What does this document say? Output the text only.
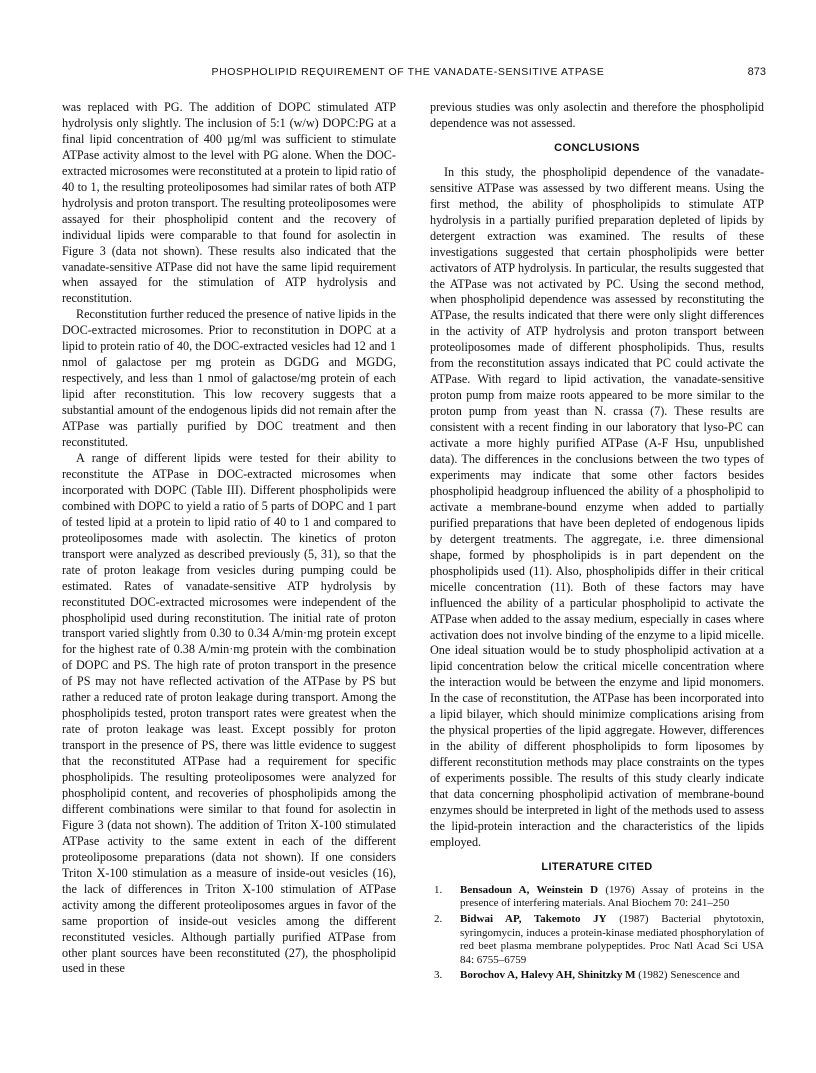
PHOSPHOLIPID REQUIREMENT OF THE VANADATE-SENSITIVE ATPASE	873

was replaced with PG. The addition of DOPC stimulated ATP hydrolysis only slightly. The inclusion of 5:1 (w/w) DOPC:PG at a final lipid concentration of 400 µg/ml was sufficient to stimulate ATPase activity almost to the level with PG alone. When the DOC-extracted microsomes were reconstituted at a protein to lipid ratio of 40 to 1, the resulting proteoliposomes had similar rates of both ATP hydrolysis and proton transport. The resulting proteoliposomes were assayed for their phospholipid content and the recovery of individual lipids were comparable to that found for asolectin in Figure 3 (data not shown). These results also indicated that the vanadate-sensitive ATPase did not have the same lipid requirement when assayed for the stimulation of ATP hydrolysis and reconstitution.

Reconstitution further reduced the presence of native lipids in the DOC-extracted microsomes. Prior to reconstitution in DOPC at a lipid to protein ratio of 40, the DOC-extracted vesicles had 12 and 1 nmol of galactose per mg protein as DGDG and MGDG, respectively, and less than 1 nmol of galactose/mg protein of each lipid after reconstitution. This low recovery suggests that a substantial amount of the endogenous lipids did not remain after the ATPase was partially purified by DOC treatment and then reconstituted.

A range of different lipids were tested for their ability to reconstitute the ATPase in DOC-extracted microsomes when incorporated with DOPC (Table III). Different phospholipids were combined with DOPC to yield a ratio of 5 parts of DOPC and 1 part of tested lipid at a protein to lipid ratio of 40 to 1 and compared to proteoliposomes made with asolectin. The kinetics of proton transport were analyzed as described previously (5, 31), so that the rate of proton leakage from vesicles during pumping could be estimated. Rates of vanadate-sensitive ATP hydrolysis by reconstituted DOC-extracted microsomes were independent of the phospholipid used during reconstitution. The initial rate of proton transport varied slightly from 0.30 to 0.34 A/min·mg protein except for the highest rate of 0.38 A/min·mg protein with the combination of DOPC and PS. The high rate of proton transport in the presence of PS may not have reflected activation of the ATPase by PS but rather a reduced rate of proton leakage during transport. Among the phospholipids tested, proton transport rates were greatest when the rate of proton leakage was least. Except possibly for proton transport in the presence of PS, there was little evidence to suggest that the reconstituted ATPase had a requirement for specific phospholipids. The resulting proteoliposomes were analyzed for phospholipid content, and recoveries of phospholipids among the different combinations were similar to that found for asolectin in Figure 3 (data not shown). The addition of Triton X-100 stimulated ATPase activity to the same extent in each of the different proteoliposome preparations (data not shown). If one considers Triton X-100 stimulation as a measure of inside-out vesicles (16), the lack of differences in Triton X-100 stimulation of ATPase activity among the different proteoliposomes argues in favor of the same proportion of inside-out vesicles among the different reconstituted vesicles. Although partially purified ATPase from other plant sources have been reconstituted (27), the phospholipid used in these

previous studies was only asolectin and therefore the phospholipid dependence was not assessed.

CONCLUSIONS

In this study, the phospholipid dependence of the vanadate-sensitive ATPase was assessed by two different means. Using the first method, the ability of phospholipids to stimulate ATP hydrolysis in a partially purified preparation depleted of lipids by detergent extraction was examined. The results of these investigations suggested that certain phospholipids were better activators of ATP hydrolysis. In particular, the results suggested that the ATPase was not activated by PC. Using the second method, when phospholipid dependence was assessed by reconstituting the ATPase, the results indicated that there were only slight differences in the activity of ATP hydrolysis and proton transport between proteoliposomes made of different phospholipids. Thus, results from the reconstitution assays indicated that PC could activate the ATPase. With regard to lipid activation, the vanadate-sensitive proton pump from maize roots appeared to be more similar to the proton pump from yeast than N. crassa (7). These results are consistent with a recent finding in our laboratory that lyso-PC can activate a more highly purified ATPase (A-F Hsu, unpublished data). The differences in the conclusions between the two types of experiments may indicate that some other factors besides phospholipid headgroup influenced the ability of a phospholipid to activate a membrane-bound enzyme when added to partially purified preparations that have been depleted of endogenous lipids by detergent treatments. The aggregate, i.e. three dimensional shape, formed by phospholipids is in part dependent on the phospholipids used (11). Also, phospholipids differ in their critical micelle concentration (11). Both of these factors may have influenced the ability of a particular phospholipid to activate the ATPase when added to the assay medium, especially in cases where activation does not involve binding of the enzyme to a lipid micelle. One ideal situation would be to study phospholipid activation at a lipid concentration below the critical micelle concentration where the interaction would be between the enzyme and lipid monomers. In the case of reconstitution, the ATPase has been incorporated into a lipid bilayer, which should minimize complications arising from the physical properties of the lipid aggregate. However, differences in the ability of different phospholipids to form liposomes by different reconstitution methods may place constraints on the types of experiments possible. The results of this study clearly indicate that data concerning phospholipid activation of membrane-bound enzymes should be interpreted in light of the methods used to assess the lipid-protein interaction and the characteristics of the lipids employed.

LITERATURE CITED
1. Bensadoun A, Weinstein D (1976) Assay of proteins in the presence of interfering materials. Anal Biochem 70: 241–250
2. Bidwai AP, Takemoto JY (1987) Bacterial phytotoxin, syringomycin, induces a protein-kinase mediated phosphorylation of red beet plasma membrane polypeptides. Proc Natl Acad Sci USA 84: 6755–6759
3. Borochov A, Halevy AH, Shinitzky M (1982) Senescence and
